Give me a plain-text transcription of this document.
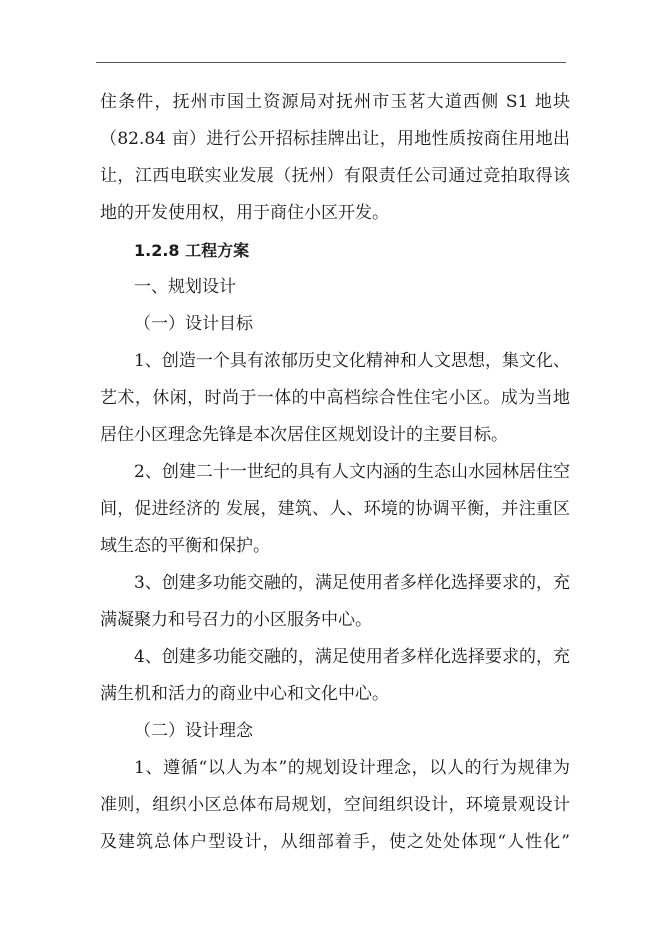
住条件，抚州市国土资源局对抚州市玉茗大道西侧 S1 地块
（82.84 亩）进行公开招标挂牌出让，用地性质按商住用地出
让，江西电联实业发展（抚州）有限责任公司通过竞拍取得该
地的开发使用权，用于商住小区开发。
1.2.8 工程方案
一、规划设计
（一）设计目标
1、创造一个具有浓郁历史文化精神和人文思想，集文化、
艺术，休闲，时尚于一体的中高档综合性住宅小区。成为当地
居住小区理念先锋是本次居住区规划设计的主要目标。
2、创建二十一世纪的具有人文内涵的生态山水园林居住空
间，促进经济的 发展，建筑、人、环境的协调平衡，并注重区
域生态的平衡和保护。
3、创建多功能交融的，满足使用者多样化选择要求的，充
满凝聚力和号召力的小区服务中心。
4、创建多功能交融的，满足使用者多样化选择要求的，充
满生机和活力的商业中心和文化中心。
（二）设计理念
1、遵循“以人为本”的规划设计理念，以人的行为规律为
准则，组织小区总体布局规划，空间组织设计，环境景观设计
及建筑总体户型设计，从细部着手，使之处处体现“人性化”
